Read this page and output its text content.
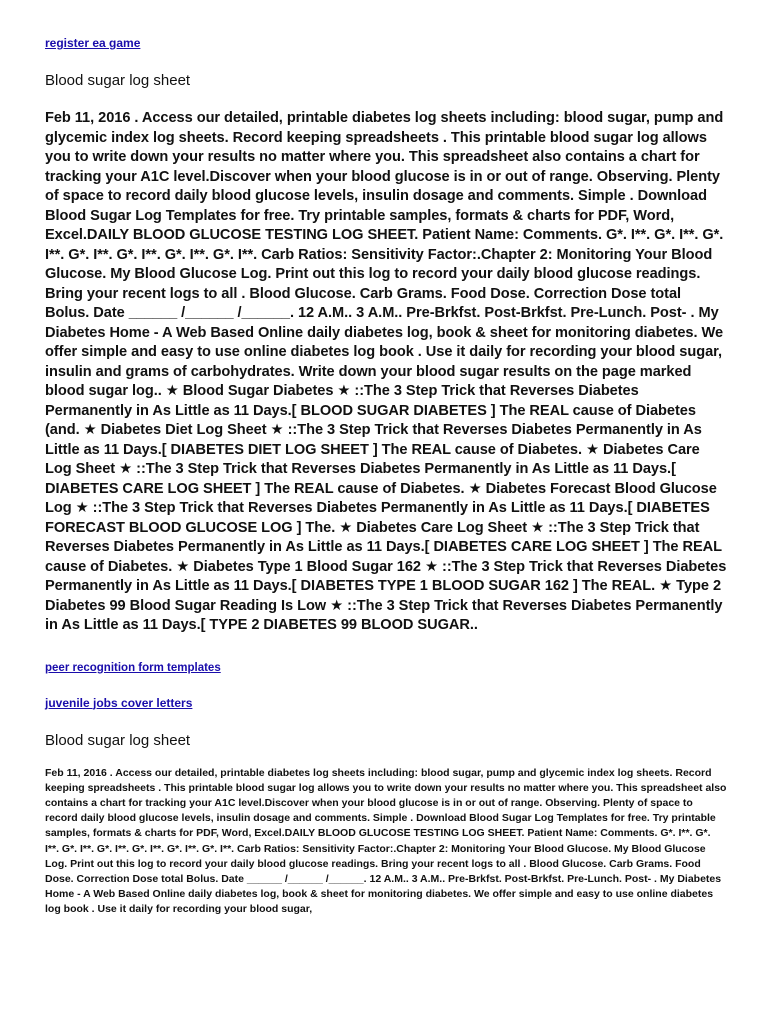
register ea game
Blood sugar log sheet

Feb 11, 2016 . Access our detailed, printable diabetes log sheets including: blood sugar, pump and glycemic index log sheets. Record keeping spreadsheets . This printable blood sugar log allows you to write down your results no matter where you. This spreadsheet also contains a chart for tracking your A1C level.Discover when your blood glucose is in or out of range. Observing. Plenty of space to record daily blood glucose levels, insulin dosage and comments. Simple . Download Blood Sugar Log Templates for free. Try printable samples, formats & charts for PDF, Word, Excel.DAILY BLOOD GLUCOSE TESTING LOG SHEET. Patient Name: Comments. G*. I**. G*. I**. G*. I**. G*. I**. G*. I**. G*. I**. G*. I**. Carb Ratios: Sensitivity Factor:.Chapter 2: Monitoring Your Blood Glucose. My Blood Glucose Log. Print out this log to record your daily blood glucose readings. Bring your recent logs to all . Blood Glucose. Carb Grams. Food Dose. Correction Dose total Bolus. Date ______ /______ /______. 12 A.M.. 3 A.M.. Pre-Brkfst. Post-Brkfst. Pre-Lunch. Post- . My Diabetes Home - A Web Based Online daily diabetes log, book & sheet for monitoring diabetes. We offer simple and easy to use online diabetes log book . Use it daily for recording your blood sugar, insulin and grams of carbohydrates. Write down your blood sugar results on the page marked blood sugar log.. ★ Blood Sugar Diabetes ★ ::The 3 Step Trick that Reverses Diabetes Permanently in As Little as 11 Days.[ BLOOD SUGAR DIABETES ] The REAL cause of Diabetes (and. ★ Diabetes Diet Log Sheet ★ ::The 3 Step Trick that Reverses Diabetes Permanently in As Little as 11 Days.[ DIABETES DIET LOG SHEET ] The REAL cause of Diabetes. ★ Diabetes Care Log Sheet ★ ::The 3 Step Trick that Reverses Diabetes Permanently in As Little as 11 Days.[ DIABETES CARE LOG SHEET ] The REAL cause of Diabetes. ★ Diabetes Forecast Blood Glucose Log ★ ::The 3 Step Trick that Reverses Diabetes Permanently in As Little as 11 Days.[ DIABETES FORECAST BLOOD GLUCOSE LOG ] The. ★ Diabetes Care Log Sheet ★ ::The 3 Step Trick that Reverses Diabetes Permanently in As Little as 11 Days.[ DIABETES CARE LOG SHEET ] The REAL cause of Diabetes. ★ Diabetes Type 1 Blood Sugar 162 ★ ::The 3 Step Trick that Reverses Diabetes Permanently in As Little as 11 Days.[ DIABETES TYPE 1 BLOOD SUGAR 162 ] The REAL. ★ Type 2 Diabetes 99 Blood Sugar Reading Is Low ★ ::The 3 Step Trick that Reverses Diabetes Permanently in As Little as 11 Days.[ TYPE 2 DIABETES 99 BLOOD SUGAR..

peer recognition form templates
juvenile jobs cover letters
Blood sugar log sheet

Feb 11, 2016 . Access our detailed, printable diabetes log sheets including: blood sugar, pump and glycemic index log sheets. Record keeping spreadsheets . This printable blood sugar log allows you to write down your results no matter where you. This spreadsheet also contains a chart for tracking your A1C level.Discover when your blood glucose is in or out of range. Observing. Plenty of space to record daily blood glucose levels, insulin dosage and comments. Simple . Download Blood Sugar Log Templates for free. Try printable samples, formats & charts for PDF, Word, Excel.DAILY BLOOD GLUCOSE TESTING LOG SHEET. Patient Name: Comments. G*. I**. G*. I**. G*. I**. G*. I**. G*. I**. G*. I**. G*. I**. Carb Ratios: Sensitivity Factor:.Chapter 2: Monitoring Your Blood Glucose. My Blood Glucose Log. Print out this log to record your daily blood glucose readings. Bring your recent logs to all . Blood Glucose. Carb Grams. Food Dose. Correction Dose total Bolus. Date ______ /______ /______. 12 A.M.. 3 A.M.. Pre-Brkfst. Post-Brkfst. Pre-Lunch. Post- . My Diabetes Home - A Web Based Online daily diabetes log, book & sheet for monitoring diabetes. We offer simple and easy to use online diabetes log book . Use it daily for recording your blood sugar,
